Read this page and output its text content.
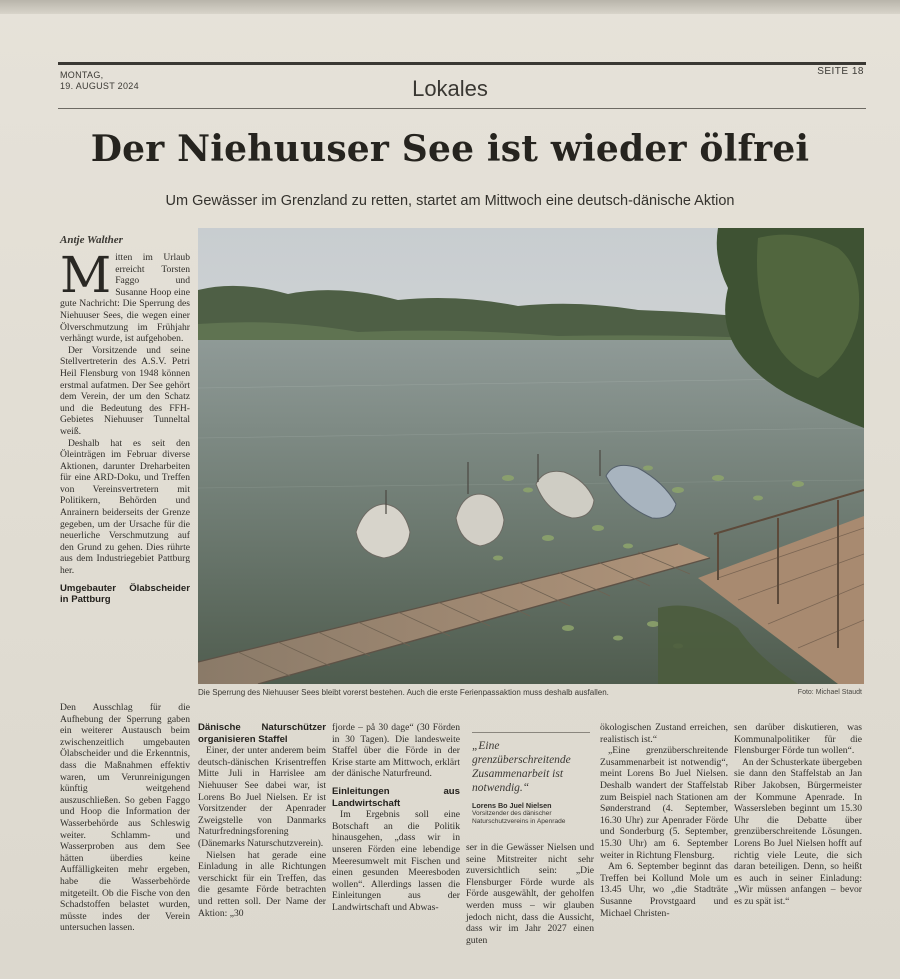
MONTAG,
19. AUGUST 2024	Lokales
SEITE 18
Der Niehuuser See ist wieder ölfrei
Um Gewässer im Grenzland zu retten, startet am Mittwoch eine deutsch-dänische Aktion
Antje Walther

Mitten im Urlaub erreicht Torsten Faggo und Susanne Hoop eine gute Nachricht: Die Sperrung des Niehuuser Sees, die wegen einer Ölverschmutzung im Frühjahr verhängt wurde, ist aufgehoben.

Der Vorsitzende und seine Stellvertreterin des A.S.V. Petri Heil Flensburg von 1948 können erstmal aufatmen. Der See gehört dem Verein, der um den Schatz und die Bedeutung des FFH-Gebietes Niehuuser Tunneltal weiß.

Deshalb hat es seit den Öleinträgen im Februar diverse Aktionen, darunter Dreharbeiten für eine ARD-Doku, und Treffen von Vereinsvertretern mit Politikern, Behörden und Anrainern beiderseits der Grenze gegeben, um der Ursache für die neuerliche Verschmutzung auf den Grund zu gehen. Dies rührte aus dem Industriegebiet Pattburg her.

Umgebauter Ölabscheider in Pattburg
Die Sperrung des Niehuuser Sees bleibt vorerst bestehen. Auch die erste Ferienpassaktion muss deshalb ausfallen.	Foto: Michael Staudt

Den Ausschlag für die Aufhebung der Sperrung gaben ein weiterer Austausch beim zwischenzeitlich umgebauten Ölabscheider und die Erkenntnis, dass die Maßnahmen effektiv waren, um Verunreinigungen künftig weitgehend auszuschließen. So geben Faggo und Hoop die Information der Wasserbehörde aus Schleswig weiter. Schlamm- und Wasserproben aus dem See hätten überdies keine Auffälligkeiten mehr ergeben, habe die Wasserbehörde mitgeteilt. Ob die Fische von den Schadstoffen belastet wurden, müsste indes der Verein untersuchen lassen.

Dänische Naturschützer organisieren Staffel

Einer, der unter anderem beim deutsch-dänischen Krisentreffen Mitte Juli in Harrislee am Niehuuser See dabei war, ist Lorens Bo Juel Nielsen. Er ist Vorsitzender der Apenrader Zweigstelle von Danmarks Naturfredningsforening (Dänemarks Naturschutzverein).

Nielsen hat gerade eine Einladung in alle Richtungen verschickt für ein Treffen, das die gesamte Förde betrachten und retten soll. Der Name der Aktion: „30

fjorde – på 30 dage“ (30 Förden in 30 Tagen). Die landesweite Staffel über die Förde in der Krise starte am Mittwoch, erklärt der dänische Naturfreund.

Einleitungen aus Landwirtschaft

Im Ergebnis soll eine Botschaft an die Politik hinausgehen, „dass wir in unseren Förden eine lebendige Meeresumwelt mit Fischen und einen gesunden Meeresboden wollen“. Allerdings lassen die Einleitungen aus der Landwirtschaft und Abwas-

„Eine grenzüberschreitende Zusammenarbeit ist notwendig.“
Lorens Bo Juel Nielsen
Vorsitzender des dänischer Naturschutzvereins in Apenrade

ser in die Gewässer Nielsen und seine Mitstreiter nicht sehr zuversichtlich sein: „Die Flensburger Förde wurde als Förde ausgewählt, der geholfen werden muss – wir glauben jedoch nicht, dass die Aussicht, dass wir im Jahr 2027 einen guten

ökologischen Zustand erreichen, realistisch ist.“

„Eine grenzüberschreitende Zusammenarbeit ist notwendig“, meint Lorens Bo Juel Nielsen. Deshalb wandert der Staffelstab zum Beispiel nach Stationen am Sønderstrand (4. September, 16.30 Uhr) zur Apenrader Förde und Sonderburg (5. September, 15.30 Uhr) am 6. September weiter in Richtung Flensburg.

Am 6. September beginnt das Treffen bei Kollund Mole um 13.45 Uhr, wo „die Stadträte Susanne Provstgaard und Michael Christen-

sen darüber diskutieren, was Kommunalpolitiker für die Flensburger Förde tun wollen“.

An der Schusterkate übergeben sie dann den Staffelstab an Jan Riber Jakobsen, Bürgermeister der Kommune Apenrade. In Wassersleben beginnt um 15.30 Uhr die Debatte über grenzüberschreitende Lösungen. Lorens Bo Juel Nielsen hofft auf richtig viele Leute, die sich daran beteiligen. Denn, so heißt es auch in seiner Einladung: „Wir müssen anfangen – bevor es zu spät ist.“
